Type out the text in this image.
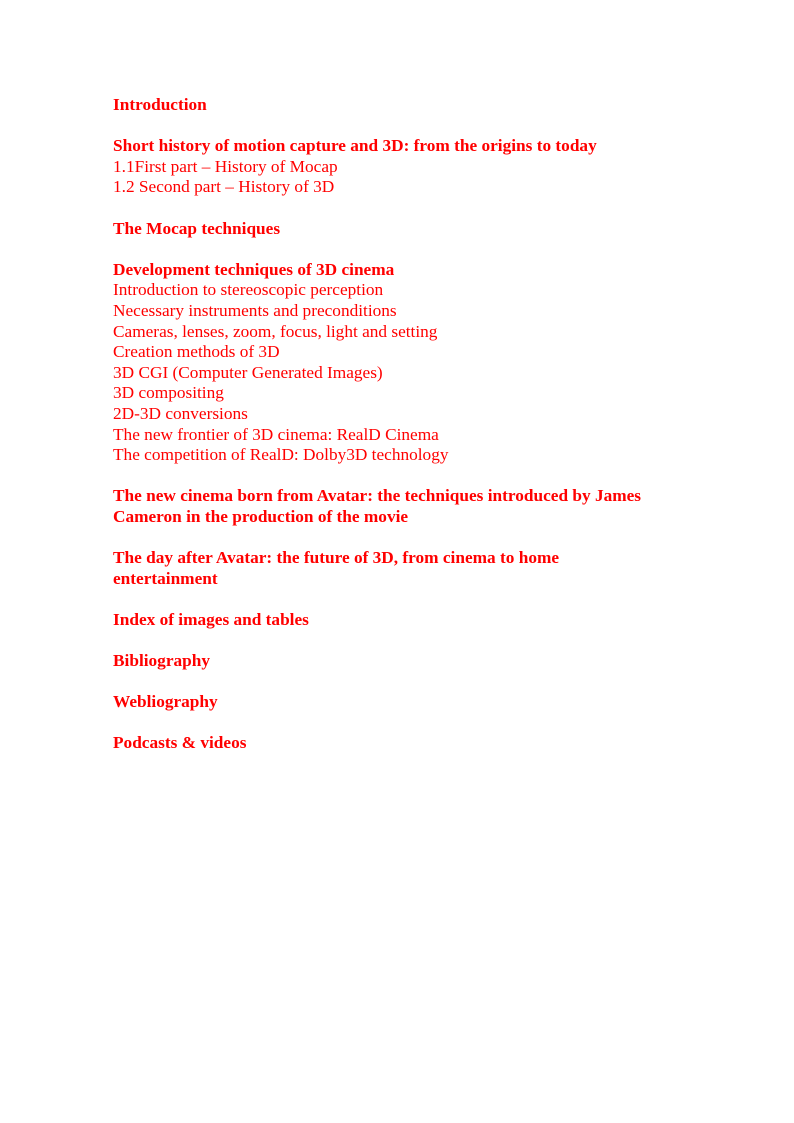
Introduction
Short history of motion capture and 3D: from the origins to today
1.1First part – History of Mocap
1.2 Second part – History of 3D
The Mocap techniques
Development techniques of 3D cinema
Introduction to stereoscopic perception
Necessary instruments and preconditions
Cameras, lenses, zoom, focus, light and setting
Creation methods of 3D
3D CGI (Computer Generated Images)
3D compositing
2D-3D conversions
The new frontier of 3D cinema: RealD Cinema
The competition of RealD: Dolby3D technology
The new cinema born from Avatar: the techniques introduced by James
Cameron in the production of the movie
The day after Avatar: the future of 3D, from cinema to home
entertainment
Index of images and tables
Bibliography
Webliography
Podcasts & videos
